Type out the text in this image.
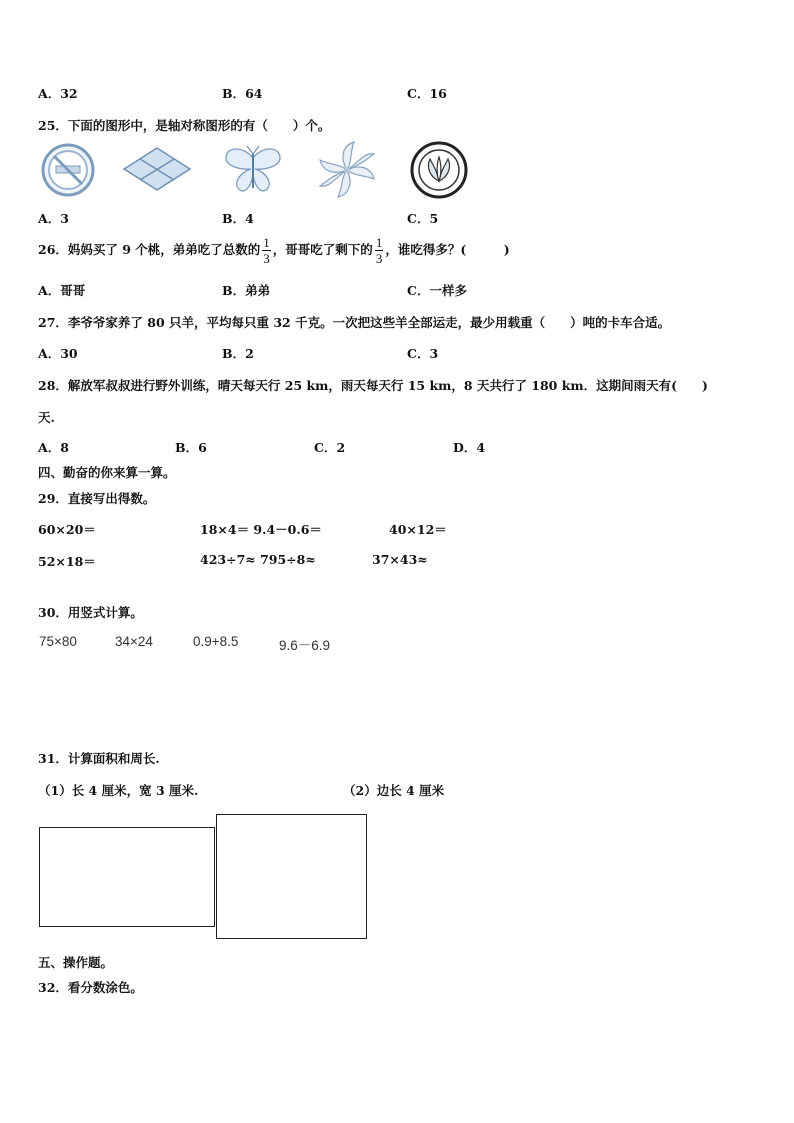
A．32	B．64	C．16
25．下面的图形中，是轴对称图形的有（　　）个。
A．3	B．4	C．5
26．妈妈买了 9 个桃，弟弟吃了总数的 $\frac{1}{3}$ ，哥哥吃了剩下的 $\frac{1}{3}$ ，谁吃得多？(　　　)
A．哥哥	B．弟弟	C．一样多
27．李爷爷家养了 80 只羊，平均每只重 32 千克。一次把这些羊全部运走，最少用载重（　　）吨的卡车合适。
A．30	B．2	C．3
28．解放军叔叔进行野外训练，晴天每天行 25 km，雨天每天行 15 km，8 天共行了 180 km．这期间雨天有(　　)
天.
A．8	B．6	C．2	D．4
四、勤奋的你来算一算。
29．直接写出得数。
60×20＝	18×4＝ 9.4－0.6＝	40×12＝
52×18＝	423÷7≈ 795÷8≈	37×43≈
30．用竖式计算。
75×80	34×24	0.9+8.5	9.6－6.9
31．计算面积和周长.
（1）长 4 厘米，宽 3 厘米.	（2）边长 4 厘米
五、操作题。
32．看分数涂色。
